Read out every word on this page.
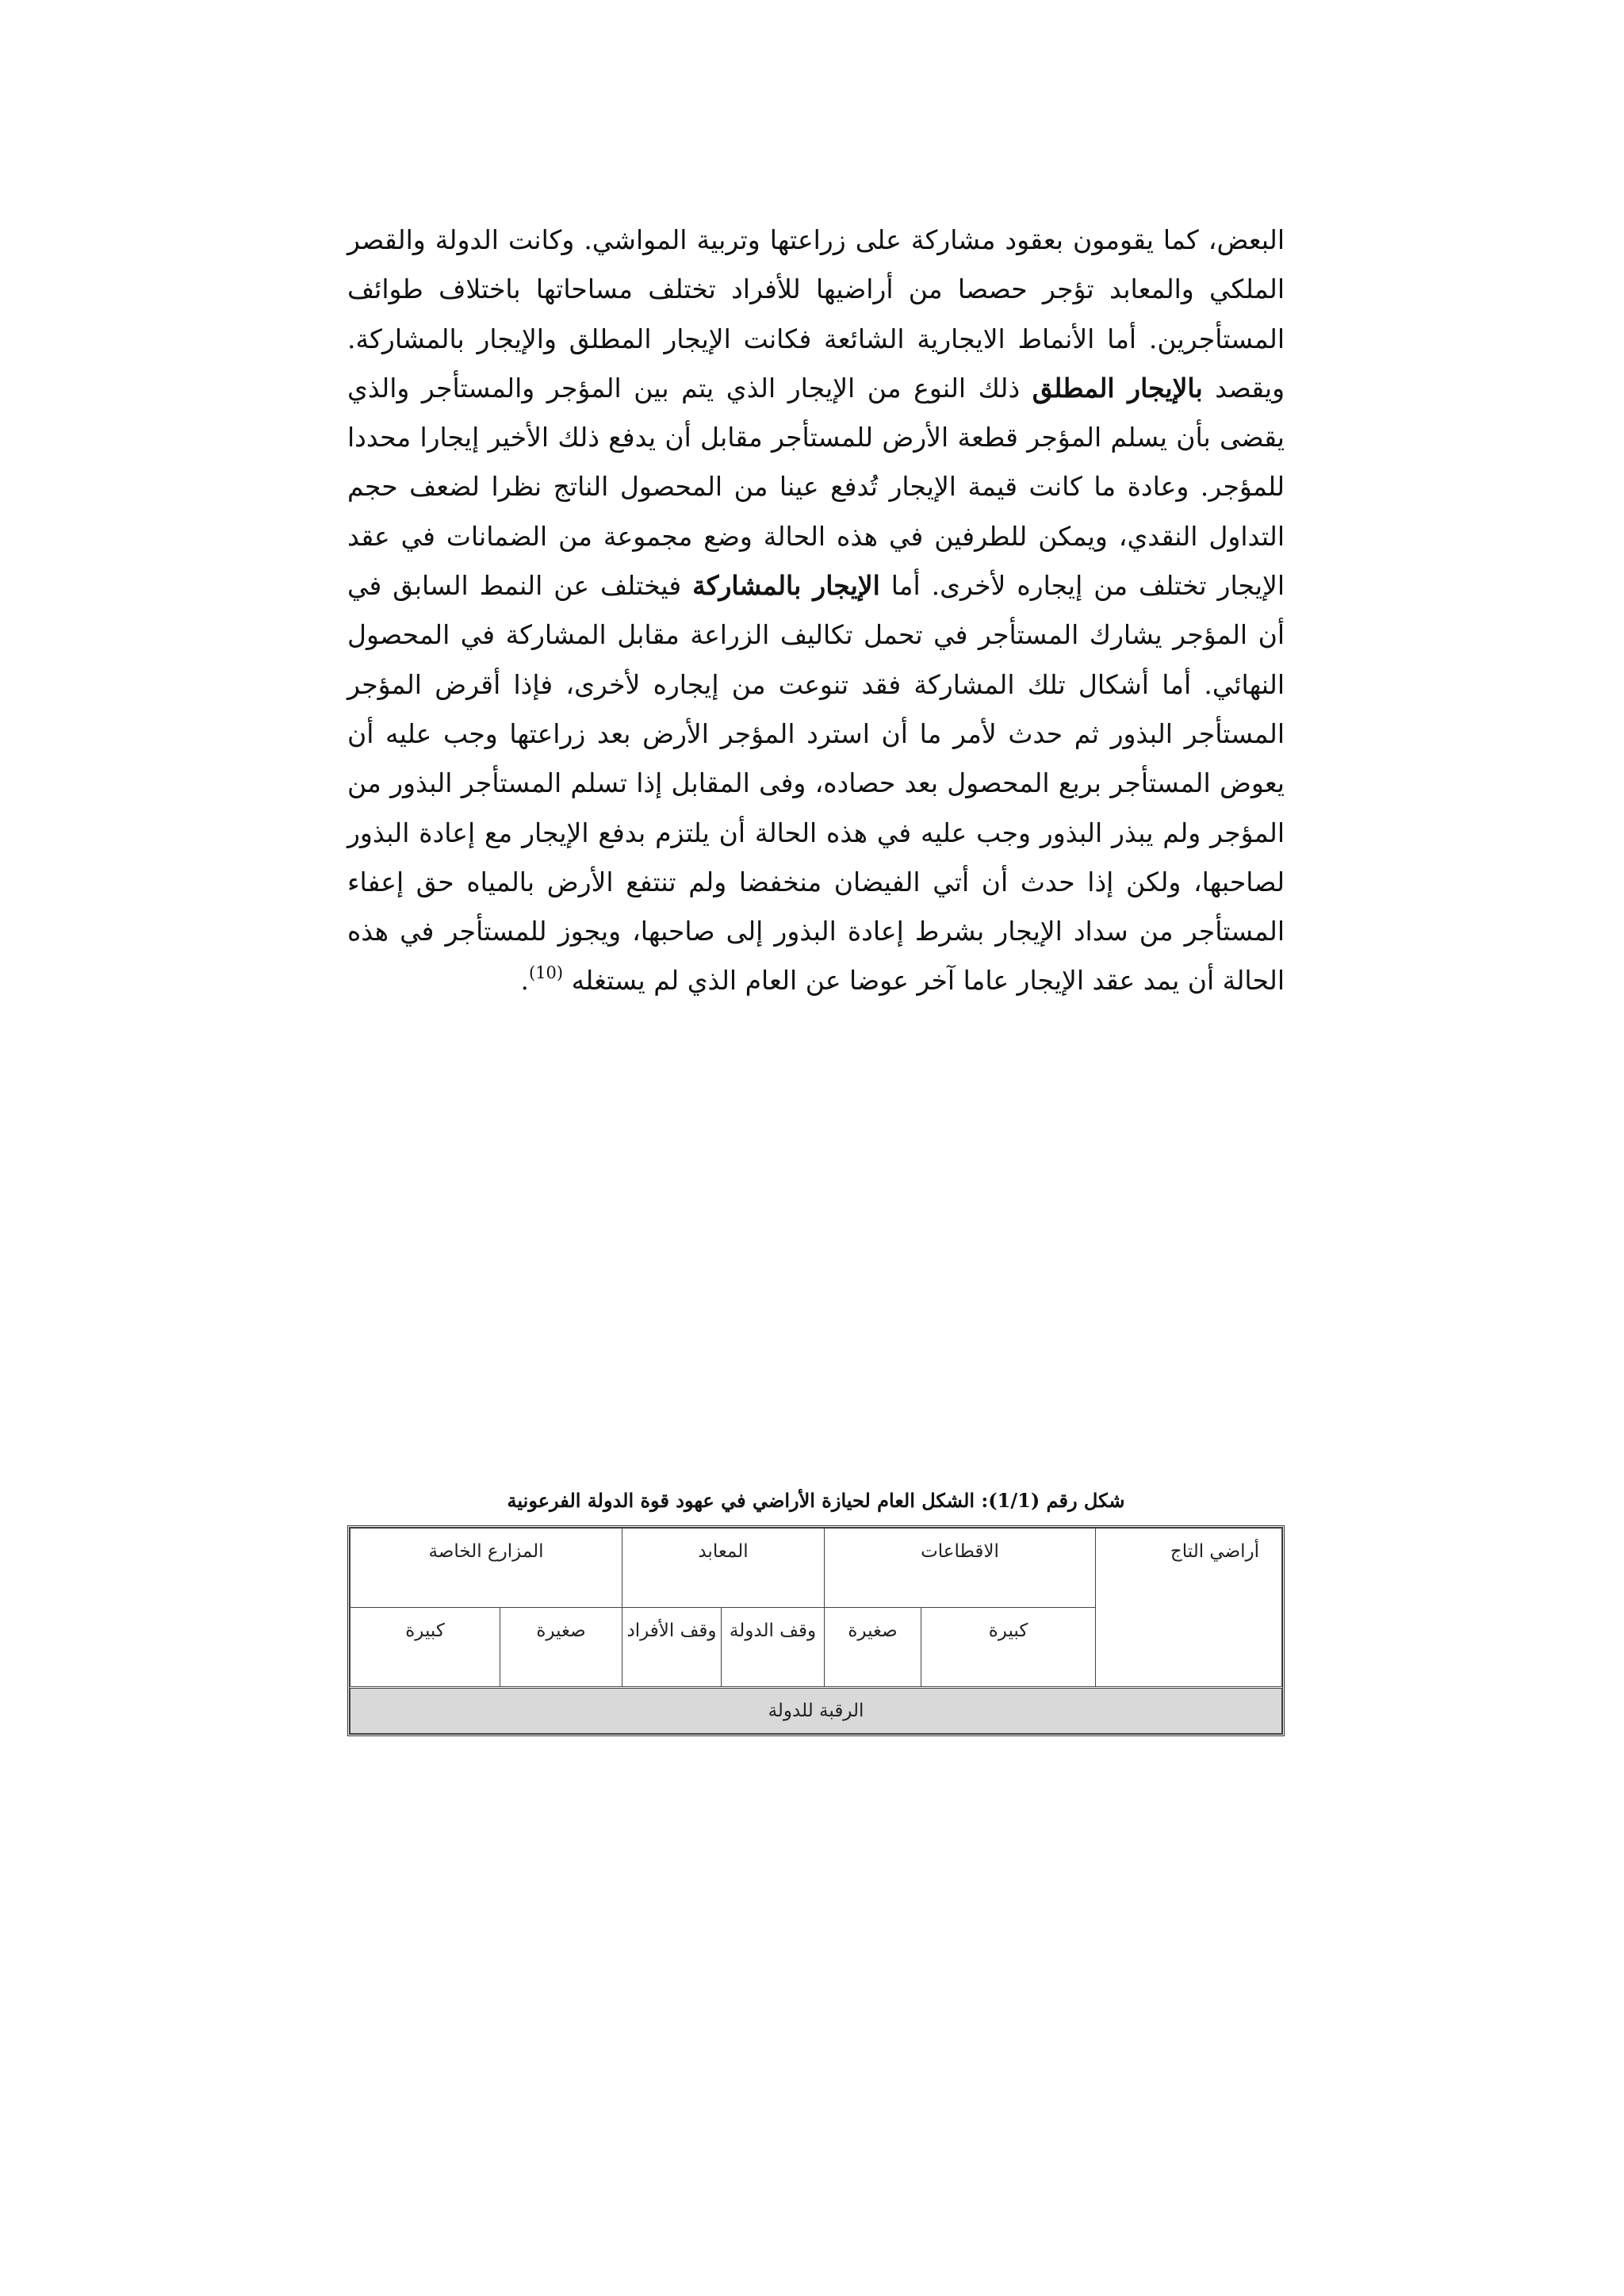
البعض، كما يقومون بعقود مشاركة على زراعتها وتربية المواشي. وكانت الدولة والقصر الملكي والمعابد تؤجر حصصا من أراضيها للأفراد تختلف مساحاتها باختلاف طوائف المستأجرين. أما الأنماط الايجارية الشائعة فكانت الإيجار المطلق والإيجار بالمشاركة. ويقصد بالإيجار المطلق ذلك النوع من الإيجار الذي يتم بين المؤجر والمستأجر والذي يقضى بأن يسلم المؤجر قطعة الأرض للمستأجر مقابل أن يدفع ذلك الأخير إيجارا محددا للمؤجر. وعادة ما كانت قيمة الإيجار تُدفع عينا من المحصول الناتج نظرا لضعف حجم التداول النقدي، ويمكن للطرفين في هذه الحالة وضع مجموعة من الضمانات في عقد الإيجار تختلف من إيجاره لأخرى. أما الإيجار بالمشاركة فيختلف عن النمط السابق في أن المؤجر يشارك المستأجر في تحمل تكاليف الزراعة مقابل المشاركة في المحصول النهائي. أما أشكال تلك المشاركة فقد تنوعت من إيجاره لأخرى، فإذا أقرض المؤجر المستأجر البذور ثم حدث لأمر ما أن استرد المؤجر الأرض بعد زراعتها وجب عليه أن يعوض المستأجر بربع المحصول بعد حصاده، وفى المقابل إذا تسلم المستأجر البذور من المؤجر ولم يبذر البذور وجب عليه في هذه الحالة أن يلتزم بدفع الإيجار مع إعادة البذور لصاحبها، ولكن إذا حدث أن أتي الفيضان منخفضا ولم تنتفع الأرض بالمياه حق إعفاء المستأجر من سداد الإيجار بشرط إعادة البذور إلى صاحبها، ويجوز للمستأجر في هذه الحالة أن يمد عقد الإيجار عاما آخر عوضا عن العام الذي لم يستغله $^{(10)}$.

شكل رقم (1/1): الشكل العام لحيازة الأراضي في عهود قوة الدولة الفرعونية

أراضي التاج	الاقطاعات		المعابد		المزارع الخاصة	
	كبيرة	صغيرة	وقف الدولة	وقف الأفراد	صغيرة	كبيرة
الرقبة للدولة						
